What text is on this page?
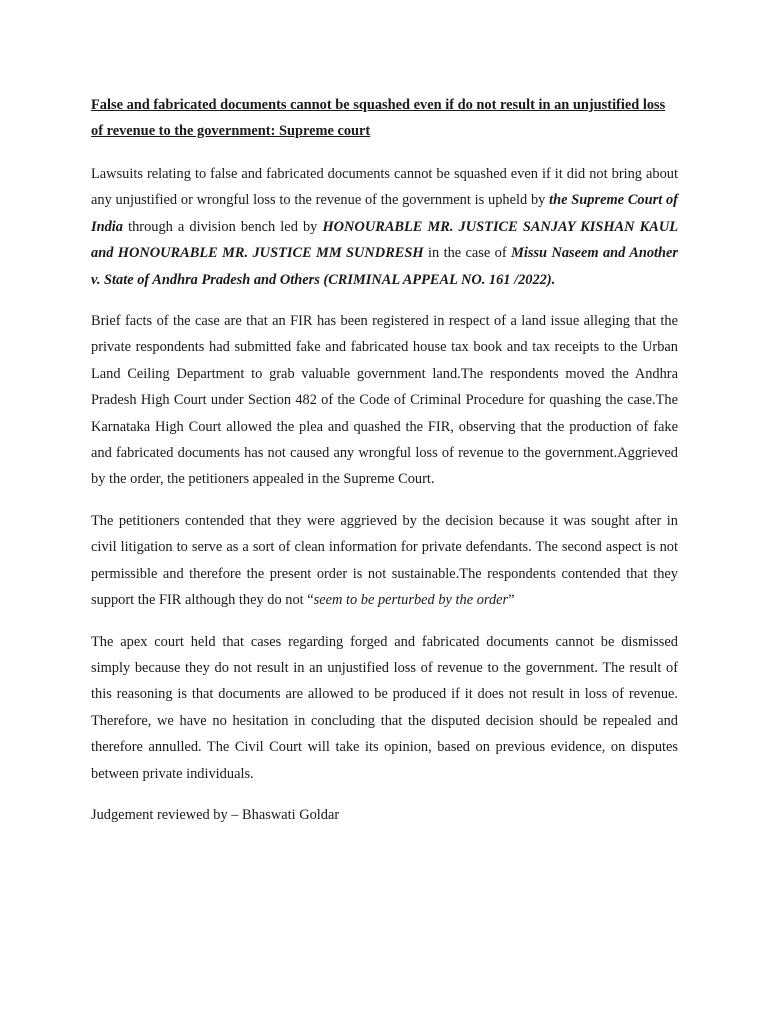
False and fabricated documents cannot be squashed even if do not result in an unjustified loss of revenue to the government: Supreme court

Lawsuits relating to false and fabricated documents cannot be squashed even if it did not bring about any unjustified or wrongful loss to the revenue of the government is upheld by the Supreme Court of India through a division bench led by HONOURABLE MR. JUSTICE SANJAY KISHAN KAUL and HONOURABLE MR. JUSTICE MM SUNDRESH in the case of Missu Naseem and Another v. State of Andhra Pradesh and Others (CRIMINAL APPEAL NO. 161 /2022).

Brief facts of the case are that an FIR has been registered in respect of a land issue alleging that the private respondents had submitted fake and fabricated house tax book and tax receipts to the Urban Land Ceiling Department to grab valuable government land.The respondents moved the Andhra Pradesh High Court under Section 482 of the Code of Criminal Procedure for quashing the case.The Karnataka High Court allowed the plea and quashed the FIR, observing that the production of fake and fabricated documents has not caused any wrongful loss of revenue to the government.Aggrieved by the order, the petitioners appealed in the Supreme Court.

The petitioners contended that they were aggrieved by the decision because it was sought after in civil litigation to serve as a sort of clean information for private defendants. The second aspect is not permissible and therefore the present order is not sustainable.The respondents contended that they support the FIR although they do not “seem to be perturbed by the order”

The apex court held that cases regarding forged and fabricated documents cannot be dismissed simply because they do not result in an unjustified loss of revenue to the government. The result of this reasoning is that documents are allowed to be produced if it does not result in loss of revenue. Therefore, we have no hesitation in concluding that the disputed decision should be repealed and therefore annulled. The Civil Court will take its opinion, based on previous evidence, on disputes between private individuals.

Judgement reviewed by – Bhaswati Goldar
